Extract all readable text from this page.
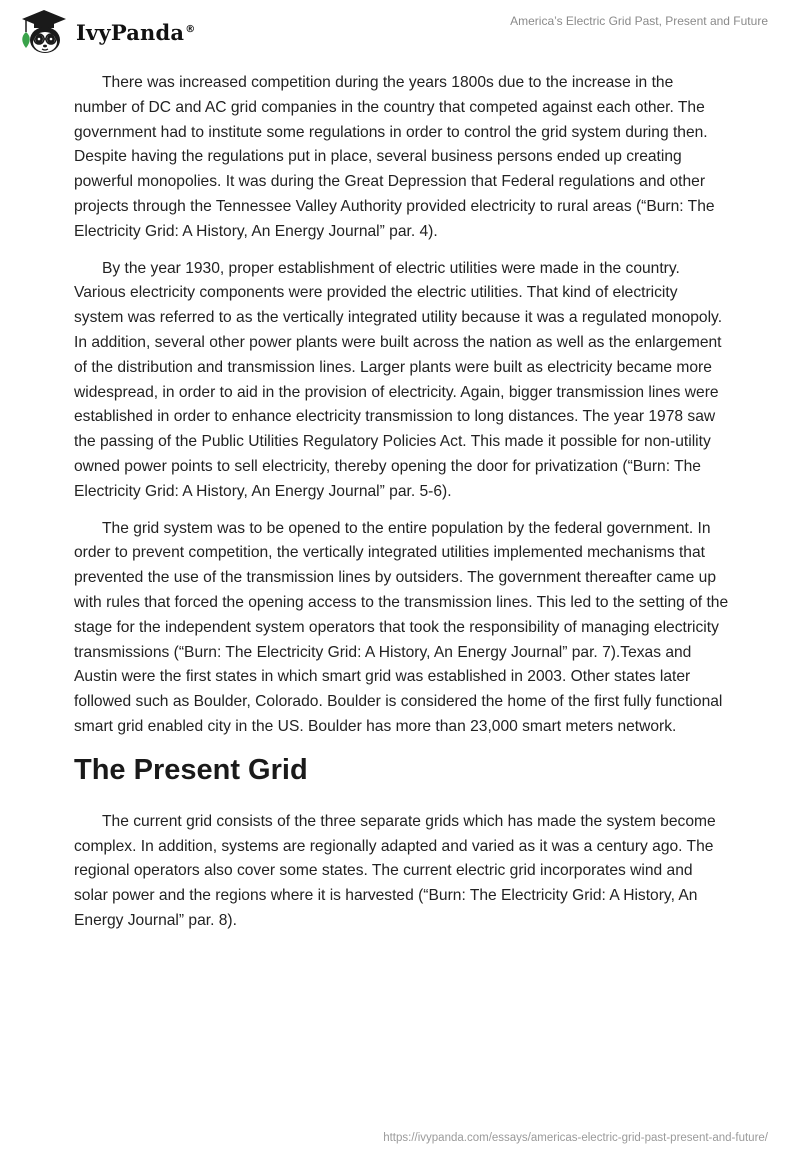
IvyPanda®
America’s Electric Grid Past, Present and Future

There was increased competition during the years 1800s due to the increase in the number of DC and AC grid companies in the country that competed against each other. The government had to institute some regulations in order to control the grid system during then. Despite having the regulations put in place, several business persons ended up creating powerful monopolies. It was during the Great Depression that Federal regulations and other projects through the Tennessee Valley Authority provided electricity to rural areas (“Burn: The Electricity Grid: A History, An Energy Journal” par. 4).

By the year 1930, proper establishment of electric utilities were made in the country. Various electricity components were provided the electric utilities. That kind of electricity system was referred to as the vertically integrated utility because it was a regulated monopoly. In addition, several other power plants were built across the nation as well as the enlargement of the distribution and transmission lines. Larger plants were built as electricity became more widespread, in order to aid in the provision of electricity. Again, bigger transmission lines were established in order to enhance electricity transmission to long distances. The year 1978 saw the passing of the Public Utilities Regulatory Policies Act. This made it possible for non-utility owned power points to sell electricity, thereby opening the door for privatization (“Burn: The Electricity Grid: A History, An Energy Journal” par. 5-6).

The grid system was to be opened to the entire population by the federal government. In order to prevent competition, the vertically integrated utilities implemented mechanisms that prevented the use of the transmission lines by outsiders. The government thereafter came up with rules that forced the opening access to the transmission lines. This led to the setting of the stage for the independent system operators that took the responsibility of managing electricity transmissions (“Burn: The Electricity Grid: A History, An Energy Journal” par. 7).Texas and Austin were the first states in which smart grid was established in 2003. Other states later followed such as Boulder, Colorado. Boulder is considered the home of the first fully functional smart grid enabled city in the US. Boulder has more than 23,000 smart meters network.

The Present Grid

The current grid consists of the three separate grids which has made the system become complex. In addition, systems are regionally adapted and varied as it was a century ago. The regional operators also cover some states. The current electric grid incorporates wind and solar power and the regions where it is harvested (“Burn: The Electricity Grid: A History, An Energy Journal” par. 8).

https://ivypanda.com/essays/americas-electric-grid-past-present-and-future/
